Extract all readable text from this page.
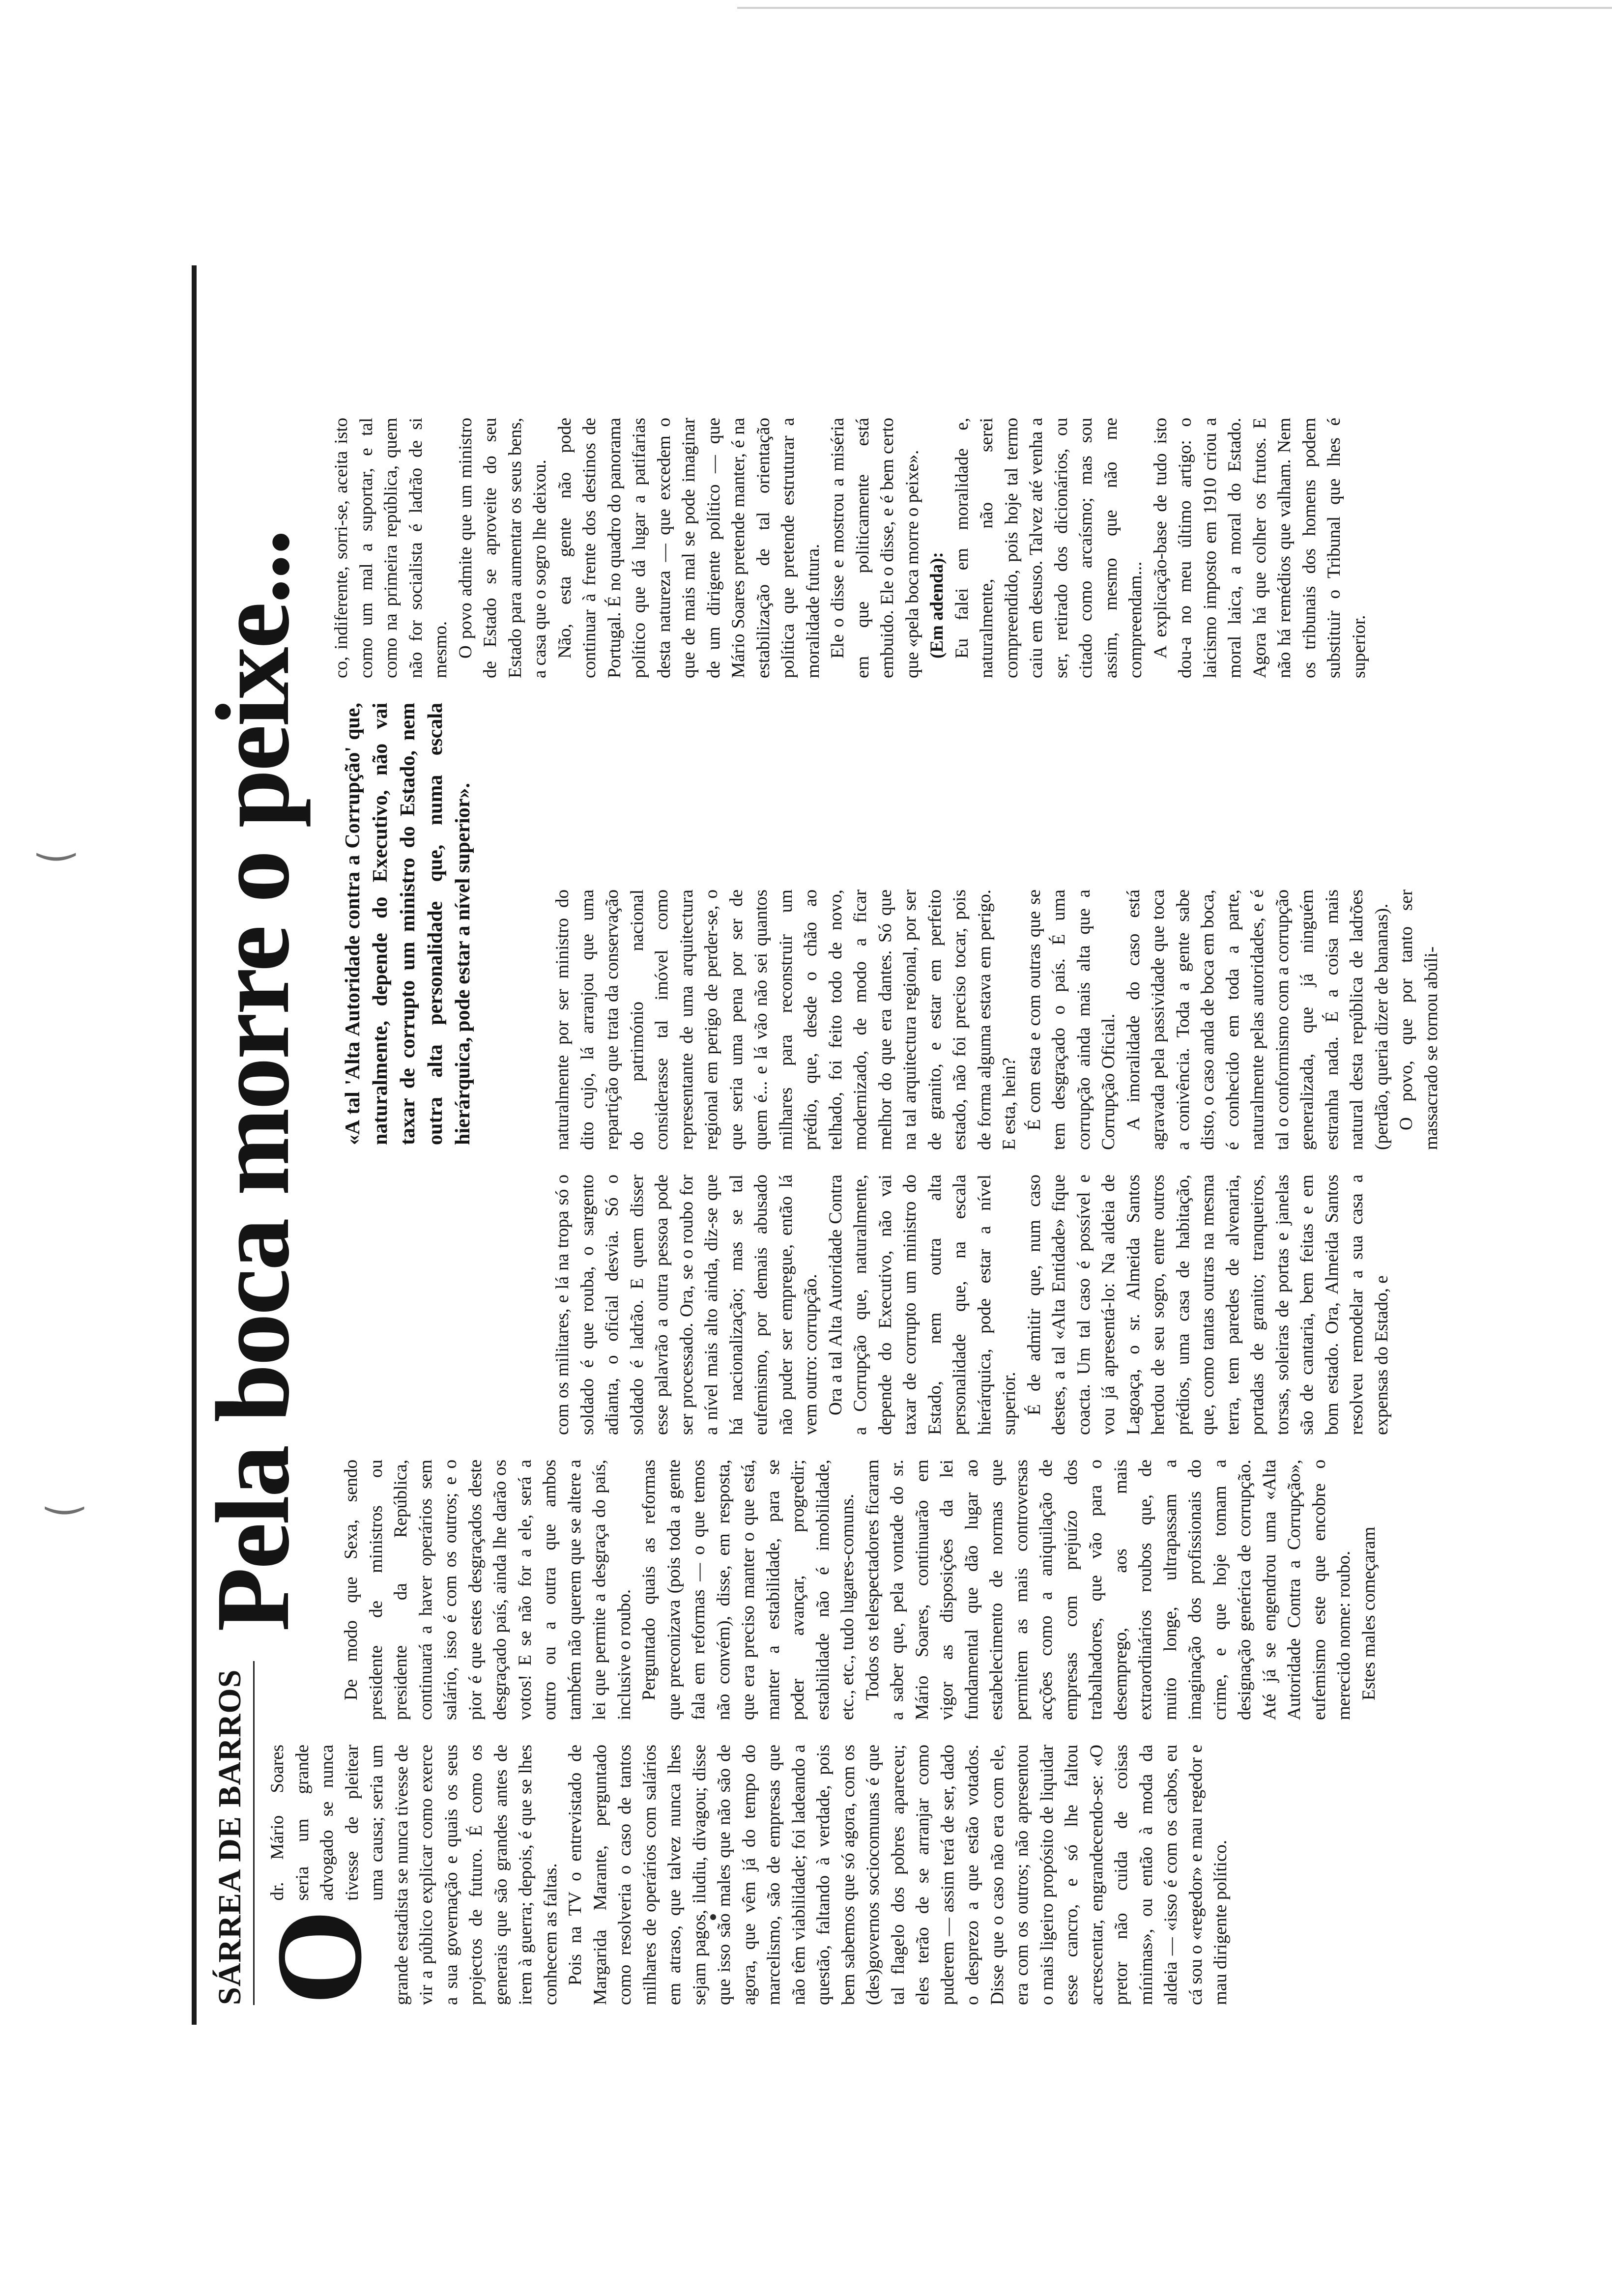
‿
‿
SÁRREA DE BARROS
Pela boca morre o peixe... «A tal 'Alta Autoridade contra a Corrupção' que, naturalmente, depende do Executivo, não vai taxar de corrupto um ministro do Estado, nem outra alta personalidade que, numa escala hierárquica, pode estar a nível superior».
O

dr. Mário Soares seria um grande advogado se nunca tivesse de pleitear uma causa; seria um grande estadista se nunca tivesse de vir a público explicar como exerce a sua governação e quais os seus projectos de futuro. É como os generais que são grandes antes de irem à guerra; depois, é que se lhes conhecem as faltas. Pois na TV o entrevistado de Margarida Marante, perguntado como resolveria o caso de tantos milhares de operários com salários em atraso, que talvez nunca lhes sejam pagos, iludiu, divagou; disse que isso são males que não são de agora, que vêm já do tempo do marcelismo, são de empresas que não têm viabilidade; foi ladeando a questão, faltando à verdade, pois bem sabemos que só agora, com os (des)governos sociocomunas é que tal flagelo dos pobres apareceu; eles terão de se arranjar como puderem — assim terá de ser, dado o desprezo a que estão votados. Disse que o caso não era com ele, era com os outros; não apresentou o mais ligeiro propósito de liquidar esse cancro, e só lhe faltou acrescentar, engrandecendo-se: «O pretor não cuida de coisas mínimas», ou então à moda da aldeia — «isso é com os cabos, eu cá sou o «regedor» e mau regedor e mau dirigente político.

De modo que Sexa, sendo presidente de ministros ou presidente da República, continuará a haver operários sem salário, isso é com os outros; e o pior é que estes desgraçados deste desgraçado país, ainda lhe darão os votos! E se não for a ele, será a outro ou a outra que ambos também não querem que se altere a lei que permite a desgraça do país, inclusive o roubo. Perguntado quais as reformas que preconizava (pois toda a gente fala em reformas — o que temos não convém), disse, em resposta, que era preciso manter o que está, manter a estabilidade, para se poder avançar, progredir; estabilidade não é imobilidade, etc., etc., tudo lugares-comuns. Todos os telespectadores ficaram a saber que, pela vontade do sr. Mário Soares, continuarão em vigor as disposições da lei fundamental que dão lugar ao estabelecimento de normas que permitem as mais controversas acções como a aniquilação de empresas com prejuízo dos trabalhadores, que vão para o desemprego, aos mais extraordinários roubos que, de muito longe, ultrapassam a imaginação dos profissionais do crime, e que hoje tomam a designação genérica de corrupção. Até já se engendrou uma «Alta Autoridade Contra a Corrupção», eufemismo este que encobre o merecido nome: roubo. Estes males começaram

com os militares, e lá na tropa só o soldado é que rouba, o sargento adianta, o oficial desvia. Só o soldado é ladrão. E quem disser esse palavrão a outra pessoa pode ser processado. Ora, se o roubo for a nível mais alto ainda, diz-se que há nacionalização; mas se tal eufemismo, por demais abusado não puder ser empregue, então lá vem outro: corrupção. Ora a tal Alta Autoridade Contra a Corrupção que, naturalmente, depende do Executivo, não vai taxar de corrupto um ministro do Estado, nem outra alta personalidade que, na escala hierárquica, pode estar a nível superior. É de admitir que, num caso destes, a tal «Alta Entidade» fique coacta. Um tal caso é possível e vou já apresentá-lo: Na aldeia de Lagoaça, o sr. Almeida Santos herdou de seu sogro, entre outros prédios, uma casa de habitação, que, como tantas outras na mesma terra, tem paredes de alvenaria, portadas de granito; tranqueiros, torsas, soleiras de portas e janelas são de cantaria, bem feitas e em bom estado. Ora, Almeida Santos resolveu remodelar a sua casa a expensas do Estado, e

naturalmente por ser ministro do dito cujo, lá arranjou que uma repartição que trata da conservação do património nacional considerasse tal imóvel como representante de uma arquitectura regional em perigo de perder-se, o que seria uma pena por ser de quem é... e lá vão não sei quantos milhares para reconstruir um prédio, que, desde o chão ao telhado, foi feito todo de novo, modernizado, de modo a ficar melhor do que era dantes. Só que na tal arquitectura regional, por ser de granito, e estar em perfeito estado, não foi preciso tocar, pois de forma alguma estava em perigo. E esta, hein? É com esta e com outras que se tem desgraçado o país. É uma corrupção ainda mais alta que a Corrupção Oficial. A imoralidade do caso está agravada pela passividade que toca a conivência. Toda a gente sabe disto, o caso anda de boca em boca, é conhecido em toda a parte, naturalmente pelas autoridades, e é tal o conformismo com a corrupção generalizada, que já ninguém estranha nada. É a coisa mais natural desta república de ladrões (perdão, queria dizer de bananas). O povo, que por tanto ser massacrado se tornou abúli-

co, indiferente, sorri-se, aceita isto como um mal a suportar, e tal como na primeira república, quem não for socialista é ladrão de si mesmo. O povo admite que um ministro de Estado se aproveite do seu Estado para aumentar os seus bens, a casa que o sogro lhe deixou. Não, esta gente não pode continuar à frente dos destinos de Portugal. É no quadro do panorama político que dá lugar a patifarias desta natureza — que excedem o que de mais mal se pode imaginar de um dirigente político — que Mário Soares pretende manter, é na estabilização de tal orientação política que pretende estruturar a moralidade futura. Ele o disse e mostrou a miséria em que politicamente está embuido. Ele o disse, e é bem certo que «pela boca morre o peixe». (Em adenda): Eu falei em moralidade e, naturalmente, não serei compreendido, pois hoje tal termo caiu em desuso. Talvez até venha a ser, retirado dos dicionários, ou citado como arcaísmo; mas sou assim, mesmo que não me compreendam... A explicação-base de tudo isto dou-a no meu último artigo: o laicismo imposto em 1910 criou a moral laica, a moral do Estado. Agora há que colher os frutos. E não há remédios que valham. Nem os tribunais dos homens podem substituir o Tribunal que lhes é superior.
